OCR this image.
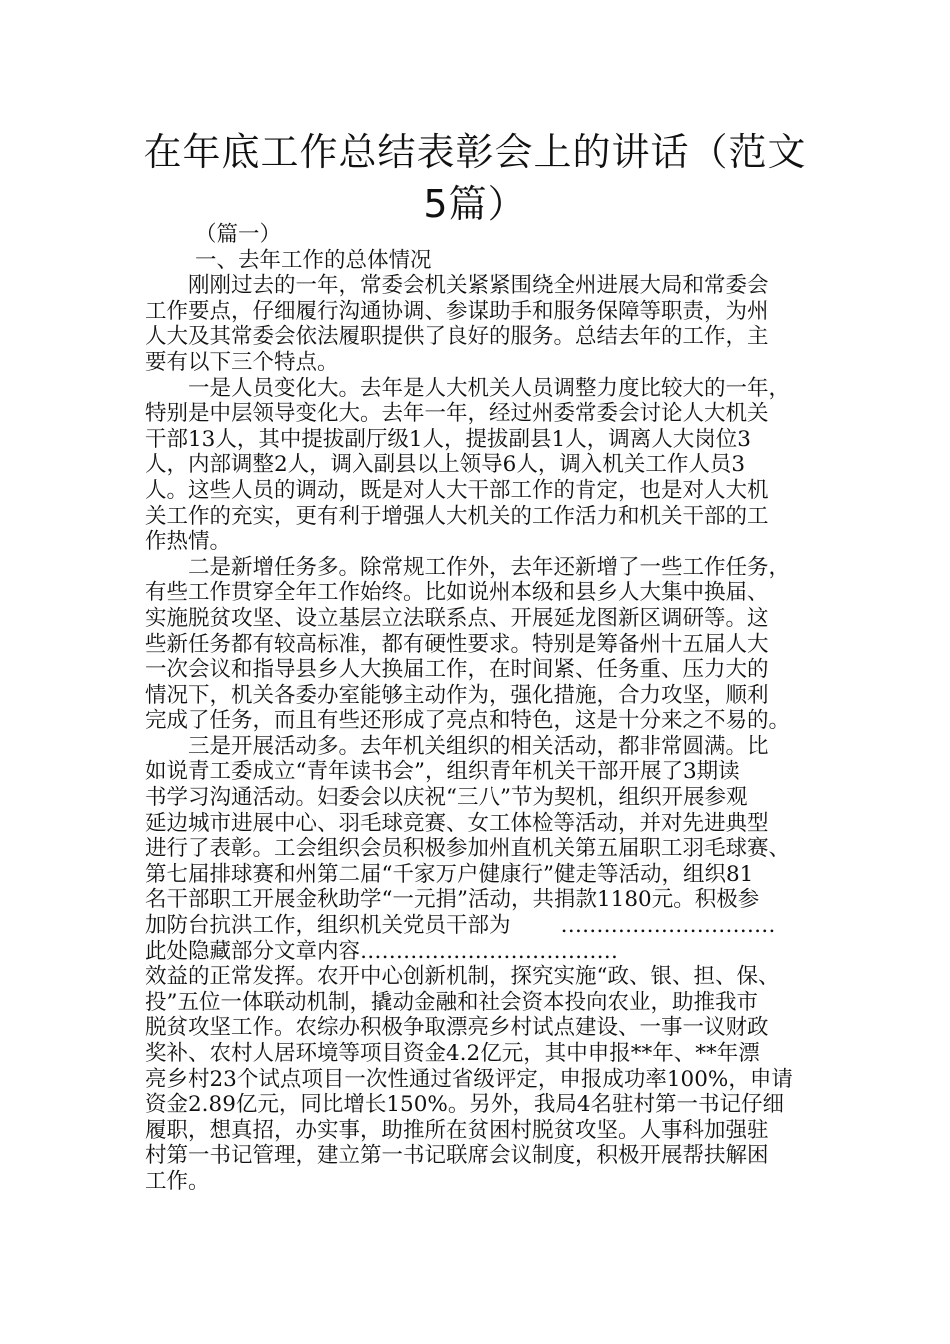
在年底工作总结表彰会上的讲话（范文
5篇）
（篇一）
一、去年工作的总体情况
刚刚过去的一年，常委会机关紧紧围绕全州进展大局和常委会
工作要点，仔细履行沟通协调、参谋助手和服务保障等职责，为州
人大及其常委会依法履职提供了良好的服务。总结去年的工作，主
要有以下三个特点。
一是人员变化大。去年是人大机关人员调整力度比较大的一年，
特别是中层领导变化大。去年一年，经过州委常委会讨论人大机关
干部13人，其中提拔副厅级1人，提拔副县1人，调离人大岗位3
人，内部调整2人，调入副县以上领导6人，调入机关工作人员3
人。这些人员的调动，既是对人大干部工作的肯定，也是对人大机
关工作的充实，更有利于增强人大机关的工作活力和机关干部的工
作热情。
二是新增任务多。除常规工作外，去年还新增了一些工作任务，
有些工作贯穿全年工作始终。比如说州本级和县乡人大集中换届、
实施脱贫攻坚、设立基层立法联系点、开展延龙图新区调研等。这
些新任务都有较高标准，都有硬性要求。特别是筹备州十五届人大
一次会议和指导县乡人大换届工作，在时间紧、任务重、压力大的
情况下，机关各委办室能够主动作为，强化措施，合力攻坚，顺利
完成了任务，而且有些还形成了亮点和特色，这是十分来之不易的。
三是开展活动多。去年机关组织的相关活动，都非常圆满。比
如说青工委成立“青年读书会”，组织青年机关干部开展了3期读
书学习沟通活动。妇委会以庆祝“三八”节为契机，组织开展参观
延边城市进展中心、羽毛球竞赛、女工体检等活动，并对先进典型
进行了表彰。工会组织会员积极参加州直机关第五届职工羽毛球赛、
第七届排球赛和州第二届“千家万户健康行”健走等活动，组织81
名干部职工开展金秋助学“一元捐”活动，共捐款1180元。积极参
加防台抗洪工作，组织机关党员干部为 …………………………
此处隐藏部分文章内容………………………………
效益的正常发挥。农开中心创新机制，探究实施“政、银、担、保、
投”五位一体联动机制，撬动金融和社会资本投向农业，助推我市
脱贫攻坚工作。农综办积极争取漂亮乡村试点建设、一事一议财政
奖补、农村人居环境等项目资金4.2亿元，其中申报**年、**年漂
亮乡村23个试点项目一次性通过省级评定，申报成功率100%，申请
资金2.89亿元，同比增长150%。另外，我局4名驻村第一书记仔细
履职，想真招，办实事，助推所在贫困村脱贫攻坚。人事科加强驻
村第一书记管理，建立第一书记联席会议制度，积极开展帮扶解困
工作。
